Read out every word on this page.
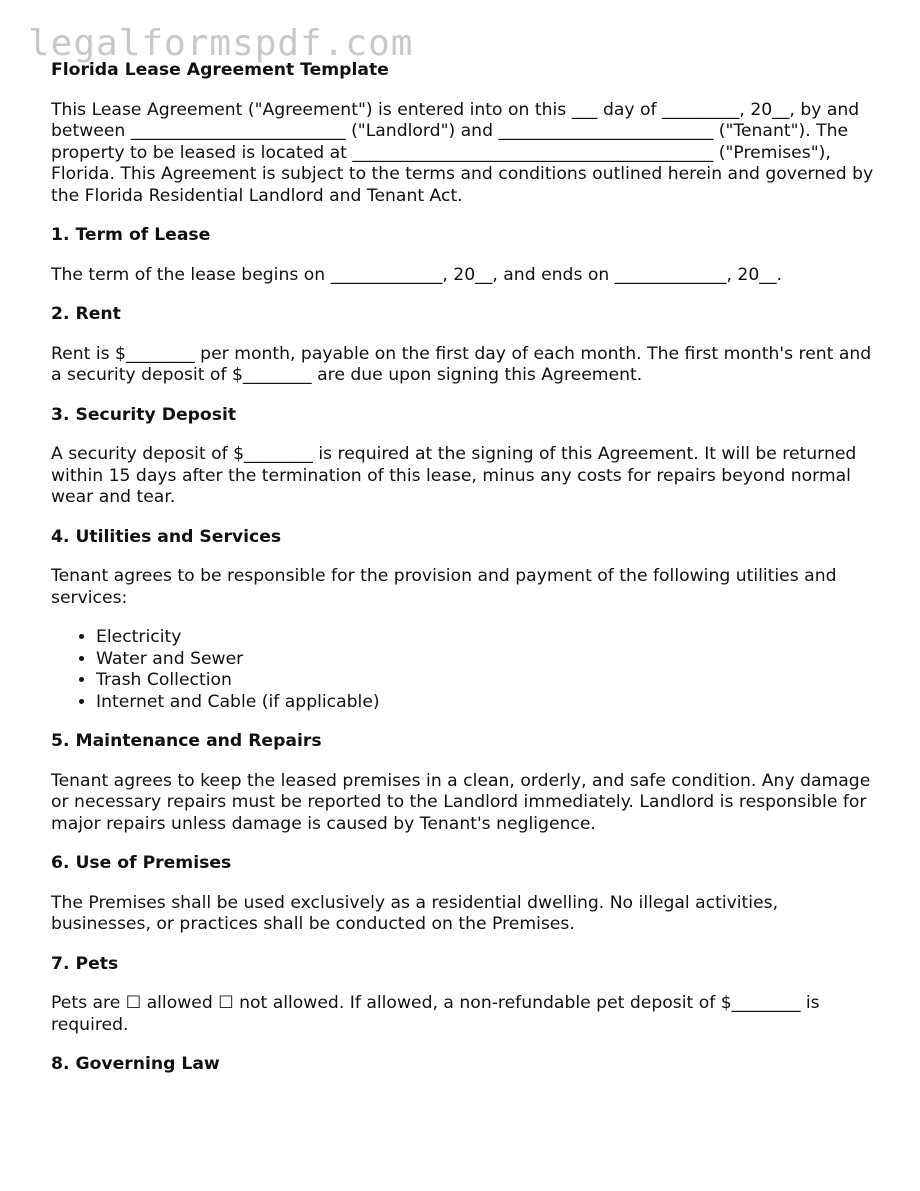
legalformspdf.com
Florida Lease Agreement Template

This Lease Agreement ("Agreement") is entered into on this ___ day of _________, 20__, by and between _________________________ ("Landlord") and _________________________ ("Tenant"). The property to be leased is located at __________________________________________ ("Premises"), Florida. This Agreement is subject to the terms and conditions outlined herein and governed by the Florida Residential Landlord and Tenant Act.

1. Term of Lease

The term of the lease begins on _____________, 20__, and ends on _____________, 20__.

2. Rent

Rent is $________ per month, payable on the first day of each month. The first month's rent and a security deposit of $________ are due upon signing this Agreement.

3. Security Deposit

A security deposit of $________ is required at the signing of this Agreement. It will be returned within 15 days after the termination of this lease, minus any costs for repairs beyond normal wear and tear.

4. Utilities and Services

Tenant agrees to be responsible for the provision and payment of the following utilities and services:

• Electricity
• Water and Sewer
• Trash Collection
• Internet and Cable (if applicable)
5. Maintenance and Repairs

Tenant agrees to keep the leased premises in a clean, orderly, and safe condition. Any damage or necessary repairs must be reported to the Landlord immediately. Landlord is responsible for major repairs unless damage is caused by Tenant's negligence.

6. Use of Premises

The Premises shall be used exclusively as a residential dwelling. No illegal activities, businesses, or practices shall be conducted on the Premises.

7. Pets

Pets are ☐ allowed ☐ not allowed. If allowed, a non-refundable pet deposit of $________ is required.

8. Governing Law
